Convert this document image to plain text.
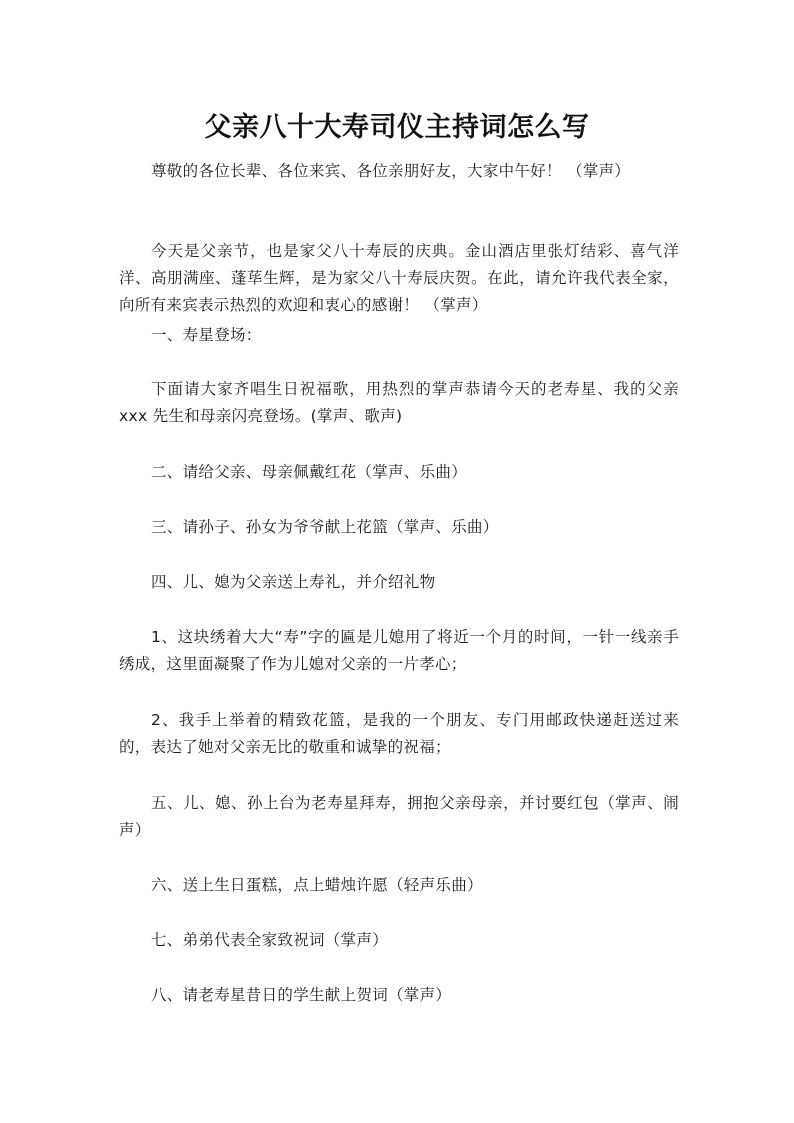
父亲八十大寿司仪主持词怎么写
尊敬的各位长辈、各位来宾、各位亲朋好友，大家中午好！ （掌声）
今天是父亲节，也是家父八十寿辰的庆典。金山酒店里张灯结彩、喜气洋洋、高朋满座、蓬荜生辉，是为家父八十寿辰庆贺。在此，请允许我代表全家，向所有来宾表示热烈的欢迎和衷心的感谢！ （掌声）
一、寿星登场：
下面请大家齐唱生日祝福歌，用热烈的掌声恭请今天的老寿星、我的父亲 xxx 先生和母亲闪亮登场。(掌声、歌声)
二、请给父亲、母亲佩戴红花（掌声、乐曲）
三、请孙子、孙女为爷爷献上花篮（掌声、乐曲）
四、儿、媳为父亲送上寿礼，并介绍礼物
1、这块绣着大大“寿”字的匾是儿媳用了将近一个月的时间，一针一线亲手绣成，这里面凝聚了作为儿媳对父亲的一片孝心；
2、我手上举着的精致花篮，是我的一个朋友、专门用邮政快递赶送过来的，表达了她对父亲无比的敬重和诚挚的祝福；
五、儿、媳、孙上台为老寿星拜寿，拥抱父亲母亲，并讨要红包（掌声、闹声）
六、送上生日蛋糕，点上蜡烛许愿（轻声乐曲）
七、弟弟代表全家致祝词（掌声）
八、请老寿星昔日的学生献上贺词（掌声）
